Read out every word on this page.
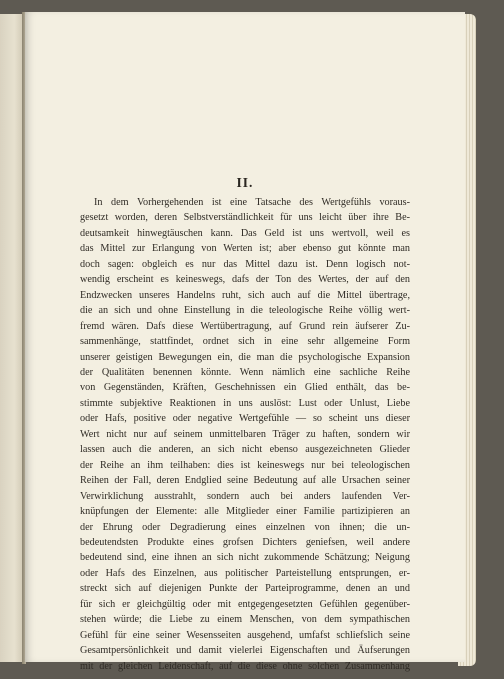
II.
In dem Vorhergehenden ist eine Tatsache des Wertgefühls voraus-
gesetzt worden, deren Selbstverständlichkeit für uns leicht über ihre Be-
deutsamkeit hinwegtäuschen kann. Das Geld ist uns wertvoll, weil es
das Mittel zur Erlangung von Werten ist; aber ebenso gut könnte man
doch sagen: obgleich es nur das Mittel dazu ist. Denn logisch not-
wendig erscheint es keineswegs, dafs der Ton des Wertes, der auf den
Endzwecken unseres Handelns ruht, sich auch auf die Mittel übertrage,
die an sich und ohne Einstellung in die teleologische Reihe völlig wert-
fremd wären. Dafs diese Wertübertragung, auf Grund rein äufserer Zu-
sammenhänge, stattfindet, ordnet sich in eine sehr allgemeine Form
unserer geistigen Bewegungen ein, die man die psychologische Expansion
der Qualitäten benennen könnte. Wenn nämlich eine sachliche Reihe
von Gegenständen, Kräften, Geschehnissen ein Glied enthält, das be-
stimmte subjektive Reaktionen in uns auslöst: Lust oder Unlust, Liebe
oder Hafs, positive oder negative Wertgefühle — so scheint uns dieser
Wert nicht nur auf seinem unmittelbaren Träger zu haften, sondern wir
lassen auch die anderen, an sich nicht ebenso ausgezeichneten Glieder
der Reihe an ihm teilhaben: dies ist keineswegs nur bei teleologischen
Reihen der Fall, deren Endglied seine Bedeutung auf alle Ursachen seiner
Verwirklichung ausstrahlt, sondern auch bei anders laufenden Ver-
knüpfungen der Elemente: alle Mitglieder einer Familie partizipieren an
der Ehrung oder Degradierung eines einzelnen von ihnen; die un-
bedeutendsten Produkte eines grofsen Dichters geniefsen, weil andere
bedeutend sind, eine ihnen an sich nicht zukommende Schätzung; Neigung
oder Hafs des Einzelnen, aus politischer Parteistellung entsprungen, er-
streckt sich auf diejenigen Punkte der Parteiprogramme, denen an und
für sich er gleichgültig oder mit entgegengesetzten Gefühlen gegenüber-
stehen würde; die Liebe zu einem Menschen, von dem sympathischen
Gefühl für eine seiner Wesensseiten ausgehend, umfafst schliefslich seine
Gesamtpersönlichkeit und damit vielerlei Eigenschaften und Äufserungen
mit der gleichen Leidenschaft, auf die diese ohne solchen Zusammenhang
